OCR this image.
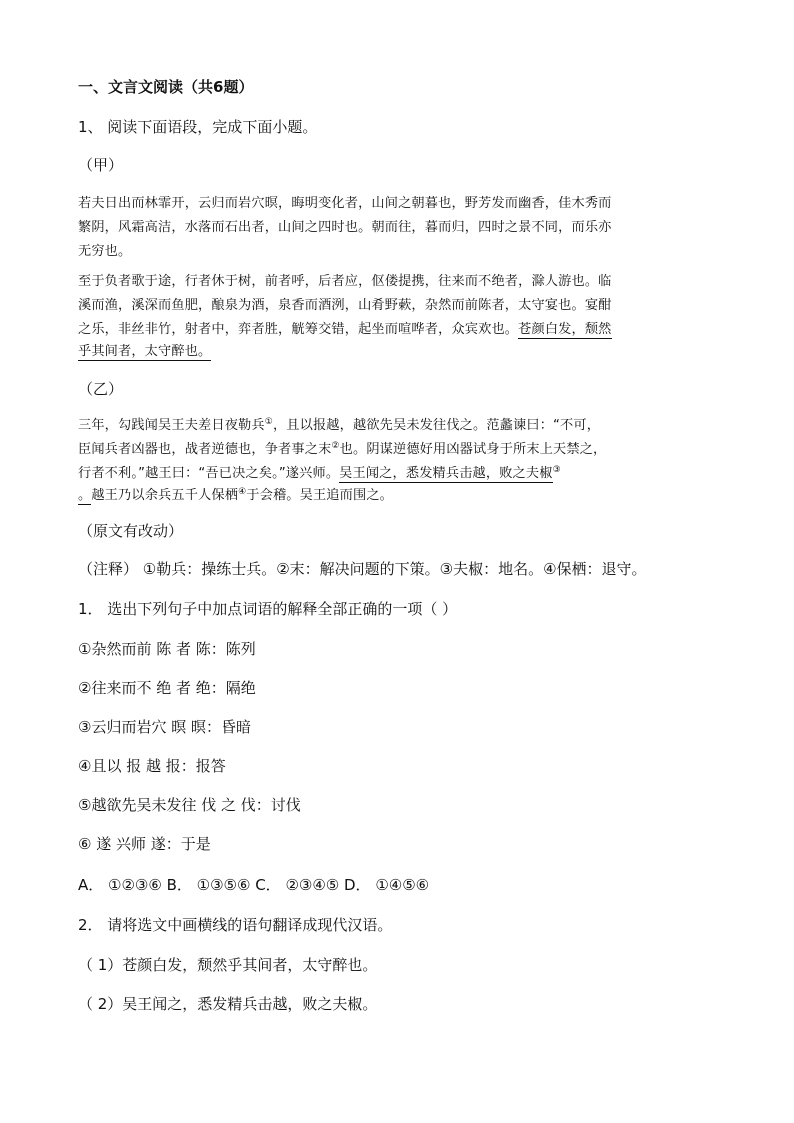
一、文言文阅读（共6题）
1、 阅读下面语段，完成下面小题。
（甲）
若夫日出而林霏开，云归而岩穴暝，晦明变化者，山间之朝暮也，野芳发而幽香，佳木秀而
繁阴，风霜高洁，水落而石出者，山间之四时也。朝而往，暮而归，四时之景不同，而乐亦
无穷也。
至于负者歌于途，行者休于树，前者呼，后者应，伛偻提携，往来而不绝者，滁人游也。临
溪而渔，溪深而鱼肥，酿泉为酒，泉香而酒洌，山肴野蔌，杂然而前陈者，太守宴也。宴酣
之乐，非丝非竹，射者中，弈者胜，觥筹交错，起坐而喧哗者，众宾欢也。苍颜白发，颓然
乎其间者，太守醉也。
（乙）
三年，勾践闻吴王夫差日夜勒兵①，且以报越，越欲先吴未发往伐之。范蠡谏曰：“不可，
臣闻兵者凶器也，战者逆德也，争者事之末②也。阴谋逆德好用凶器试身于所末上天禁之，
行者不利。”越王曰：“吾已决之矣。”遂兴师。吴王闻之，悉发精兵击越，败之夫椒③
。越王乃以余兵五千人保栖④于会稽。吴王追而围之。
（原文有改动）
（注释） ①勒兵：操练士兵。②末：解决问题的下策。③夫椒：地名。④保栖：退守。
1． 选出下列句子中加点词语的解释全部正确的一项（ ）
①杂然而前 陈 者 陈：陈列
②往来而不 绝 者 绝：隔绝
③云归而岩穴 暝 暝：昏暗
④且以 报 越 报：报答
⑤越欲先吴未发往 伐 之 伐：讨伐
⑥ 遂 兴师 遂：于是
A． ①②③⑥ B． ①③⑤⑥ C． ②③④⑤ D． ①④⑤⑥
2． 请将选文中画横线的语句翻译成现代汉语。
（ 1）苍颜白发，颓然乎其间者，太守醉也。
（ 2）吴王闻之，悉发精兵击越，败之夫椒。
